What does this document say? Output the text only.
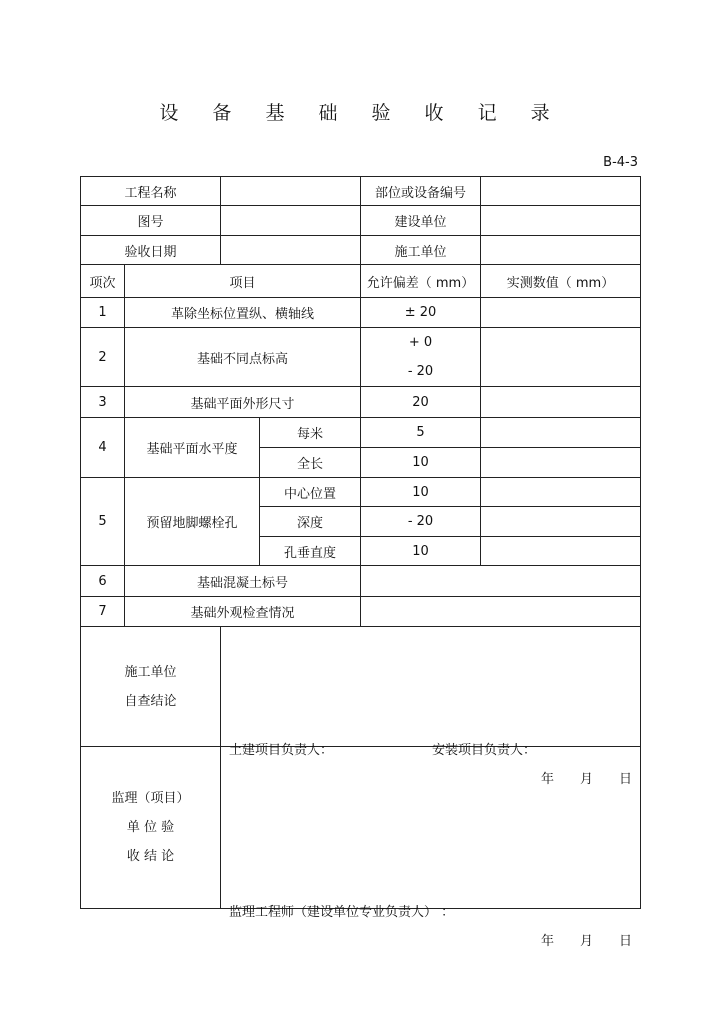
设 备 基 础 验 收 记 录
B-4-3
工程名称				部位或设备编号	
图号				建设单位	
验收日期				施工单位	
项次	项目			允许偏差（ mm）	实测数值（ mm）
1	革除坐标位置纵、横轴线			± 20	
2	基础不同点标高			+ 0
- 20	

3	基础平面外形尺寸			20	
4	基础平面水平度		每米	5	
			全长	10	
5	预留地脚螺栓孔		中心位置	10	
			深度	- 20	
			孔垂直度	10	
6	基础混凝土标号				
7	基础外观检查情况				

施工单位
自查结论		土建项目负责人： 安装项目负责人：
年 月 日			

监理（项目）
单 位 验
收 结 论		监理工程师（建设单位专业负责人） ：
年 月 日			
